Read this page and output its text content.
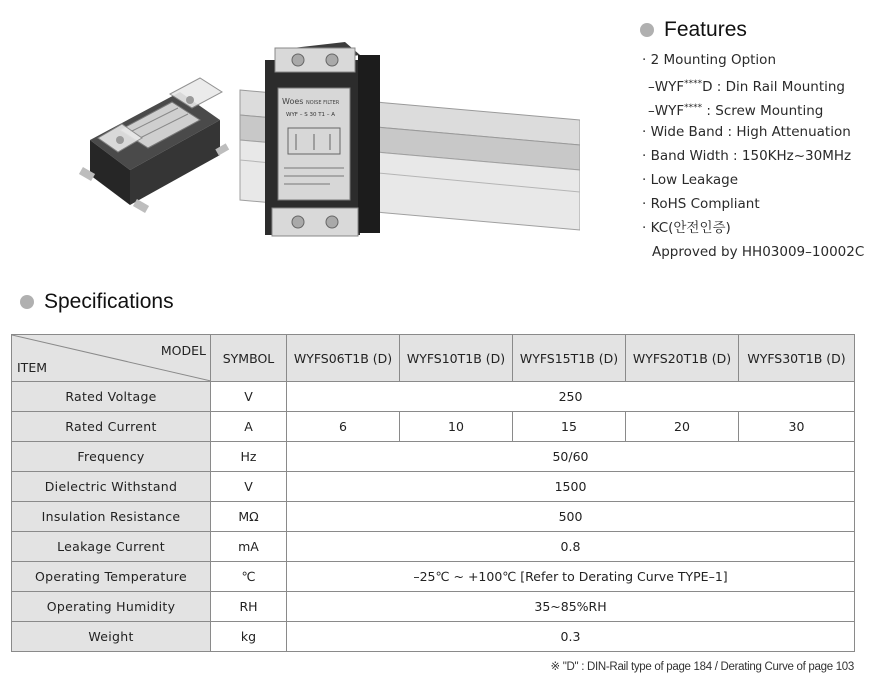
Woes NOISE FILTER
WYF – S 30 T1 – A
Features
· 2 Mounting Option
–WYF****D : Din Rail Mounting
–WYF**** : Screw Mounting
· Wide Band : High Attenuation
· Band Width : 150KHz~30MHz
· Low Leakage
· RoHS Compliant
· KC(안전인증)
Approved by HH03009–10002C
Specifications
MODEL
ITEM	SYMBOL	WYFS06T1B (D)	WYFS10T1B (D)	WYFS15T1B (D)	WYFS20T1B (D)	WYFS30T1B (D)
Rated Voltage	V	250				
Rated Current	A	6	10	15	20	30
Frequency	Hz	50/60				
Dielectric Withstand	V	1500				
Insulation Resistance	MΩ	500				
Leakage Current	mA	0.8				
Operating Temperature	℃	–25℃ ~ +100℃ [Refer to Derating Curve TYPE–1]				
Operating Humidity	RH	35~85%RH				
Weight	kg	0.3				
※ "D" : DIN-Rail type of page 184 / Derating Curve of page 103
